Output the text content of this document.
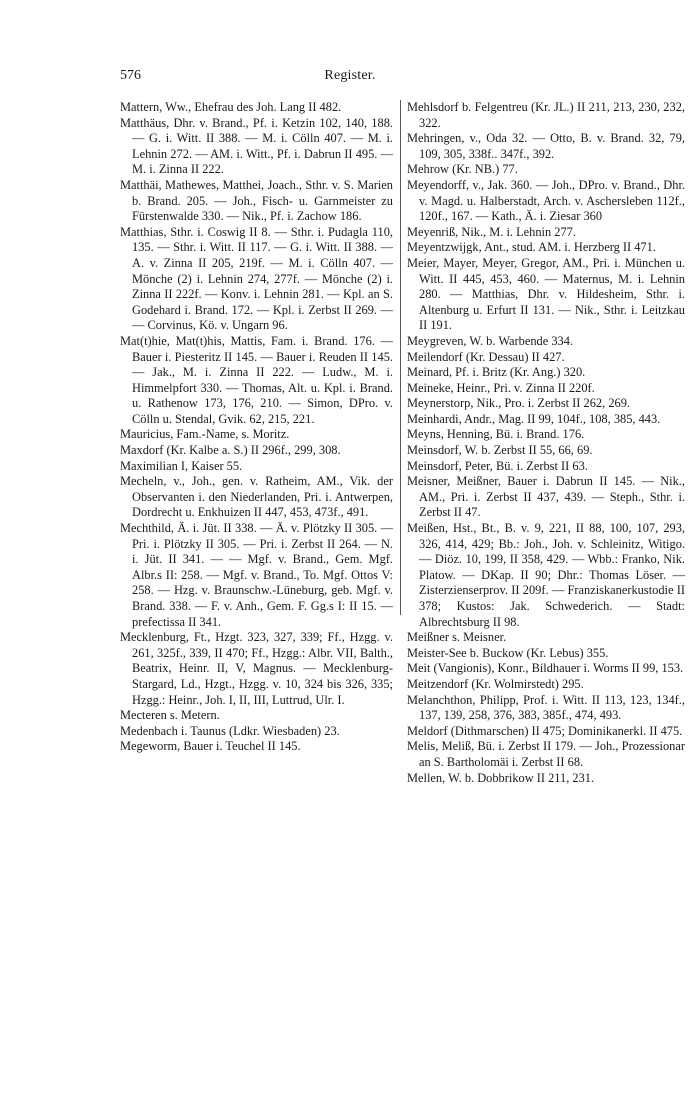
576	Register.

Mattern, Ww., Ehefrau des Joh. Lang II 482.

Matthäus, Dhr. v. Brand., Pf. i. Ketzin 102, 140, 188. — G. i. Witt. II 388. — M. i. Cölln 407. — M. i. Lehnin 272. — AM. i. Witt., Pf. i. Dabrun II 495. — M. i. Zinna II 222.

Matthäi, Mathewes, Matthei, Joach., Sthr. v. S. Marien b. Brand. 205. — Joh., Fisch- u. Garnmeister zu Fürstenwalde 330. — Nik., Pf. i. Zachow 186.

Matthias, Sthr. i. Coswig II 8. — Sthr. i. Pudagla 110, 135. — Sthr. i. Witt. II 117. — G. i. Witt. II 388. — A. v. Zinna II 205, 219f. — M. i. Cölln 407. — Mönche (2) i. Lehnin 274, 277f. — Mönche (2) i. Zinna II 222f. — Konv. i. Lehnin 281. — Kpl. an S. Godehard i. Brand. 172. — Kpl. i. Zerbst II 269. — — Corvinus, Kö. v. Ungarn 96.

Mat(t)hie, Mat(t)his, Mattis, Fam. i. Brand. 176. — Bauer i. Piesteritz II 145. — Bauer i. Reuden II 145. — Jak., M. i. Zinna II 222. — Ludw., M. i. Himmelpfort 330. — Thomas, Alt. u. Kpl. i. Brand. u. Rathenow 173, 176, 210. — Simon, DPro. v. Cölln u. Stendal, Gvik. 62, 215, 221.

Mauricius, Fam.-Name, s. Moritz.

Maxdorf (Kr. Kalbe a. S.) II 296f., 299, 308.

Maximilian I, Kaiser 55.

Mecheln, v., Joh., gen. v. Ratheim, AM., Vik. der Observanten i. den Niederlanden, Pri. i. Antwerpen, Dordrecht u. Enkhuizen II 447, 453, 473f., 491.

Mechthild, Ä. i. Jüt. II 338. — Ä. v. Plötzky II 305. — Pri. i. Plötzky II 305. — Pri. i. Zerbst II 264. — N. i. Jüt. II 341. — — Mgf. v. Brand., Gem. Mgf. Albr.s II: 258. — Mgf. v. Brand., To. Mgf. Ottos V: 258. — Hzg. v. Braunschw.-Lüneburg, geb. Mgf. v. Brand. 338. — F. v. Anh., Gem. F. Gg.s I: II 15. — prefectissa II 341.

Mecklenburg, Ft., Hzgt. 323, 327, 339; Ff., Hzgg. v. 261, 325f., 339, II 470; Ff., Hzgg.: Albr. VII, Balth., Beatrix, Heinr. II, V, Magnus. — Mecklenburg-Stargard, Ld., Hzgt., Hzgg. v. 10, 324 bis 326, 335; Hzgg.: Heinr., Joh. I, II, III, Luttrud, Ulr. I.

Mecteren s. Metern.

Medenbach i. Taunus (Ldkr. Wiesbaden) 23.

Megeworm, Bauer i. Teuchel II 145.

Mehlsdorf b. Felgentreu (Kr. JL.) II 211, 213, 230, 232, 322.

Mehringen, v., Oda 32. — Otto, B. v. Brand. 32, 79, 109, 305, 338f.. 347f., 392.

Mehrow (Kr. NB.) 77.

Meyendorff, v., Jak. 360. — Joh., DPro. v. Brand., Dhr. v. Magd. u. Halberstadt, Arch. v. Aschersleben 112f., 120f., 167. — Kath., Ä. i. Ziesar 360

Meyenriß, Nik., M. i. Lehnin 277.

Meyentzwijgk, Ant., stud. AM. i. Herzberg II 471.

Meier, Mayer, Meyer, Gregor, AM., Pri. i. München u. Witt. II 445, 453, 460. — Maternus, M. i. Lehnin 280. — Matthias, Dhr. v. Hildesheim, Sthr. i. Altenburg u. Erfurt II 131. — Nik., Sthr. i. Leitzkau II 191.

Meygreven, W. b. Warbende 334.

Meilendorf (Kr. Dessau) II 427.

Meinard, Pf. i. Britz (Kr. Ang.) 320.

Meineke, Heinr., Pri. v. Zinna II 220f.

Meynerstorp, Nik., Pro. i. Zerbst II 262, 269.

Meinhardi, Andr., Mag. II 99, 104f., 108, 385, 443.

Meyns, Henning, Bü. i. Brand. 176.

Meinsdorf, W. b. Zerbst II 55, 66, 69.

Meinsdorf, Peter, Bü. i. Zerbst II 63.

Meisner, Meißner, Bauer i. Dabrun II 145. — Nik., AM., Pri. i. Zerbst II 437, 439. — Steph., Sthr. i. Zerbst II 47.

Meißen, Hst., Bt., B. v. 9, 221, II 88, 100, 107, 293, 326, 414, 429; Bb.: Joh., Joh. v. Schleinitz, Witigo. — Diöz. 10, 199, II 358, 429. — Wbb.: Franko, Nik. Platow. — DKap. II 90; Dhr.: Thomas Löser. — Zisterzienserprov. II 209f. — Franziskanerkustodie II 378; Kustos: Jak. Schwederich. — Stadt: Albrechtsburg II 98.

Meißner s. Meisner.

Meister-See b. Buckow (Kr. Lebus) 355.

Meit (Vangionis), Konr., Bildhauer i. Worms II 99, 153.

Meitzendorf (Kr. Wolmirstedt) 295.

Melanchthon, Philipp, Prof. i. Witt. II 113, 123, 134f., 137, 139, 258, 376, 383, 385f., 474, 493.

Meldorf (Dithmarschen) II 475; Dominikanerkl. II 475.

Melis, Meliß, Bü. i. Zerbst II 179. — Joh., Prozessionar an S. Bartholomäi i. Zerbst II 68.

Mellen, W. b. Dobbrikow II 211, 231.
